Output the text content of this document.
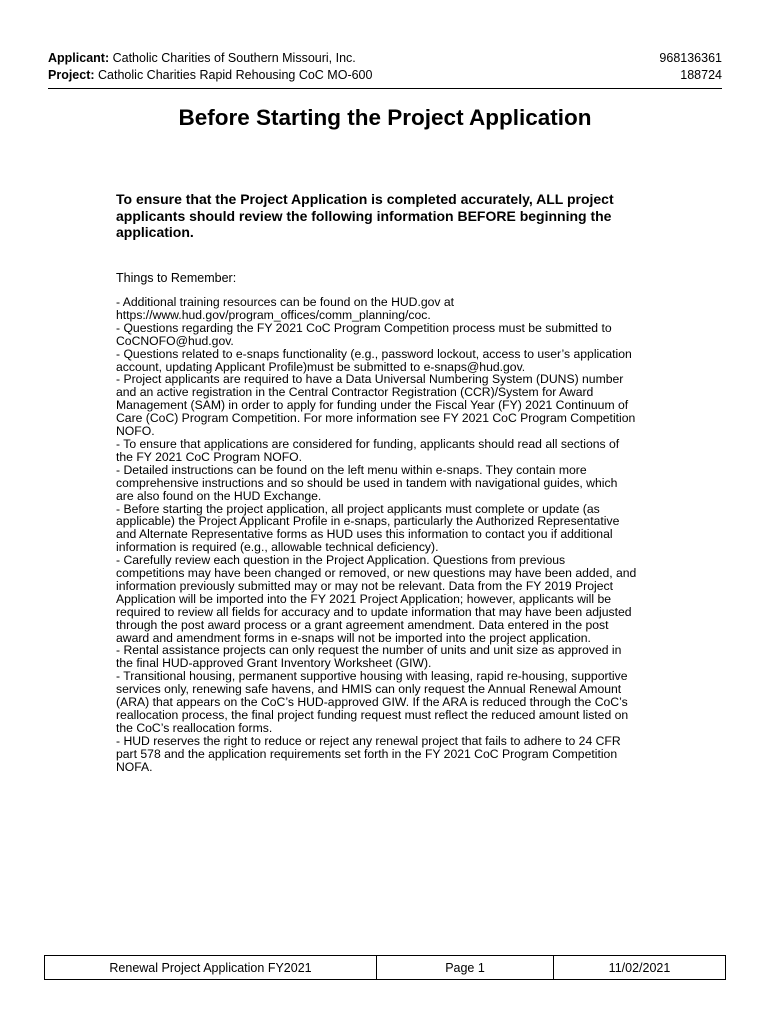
Applicant: Catholic Charities of Southern Missouri, Inc.	968136361
Project: Catholic Charities Rapid Rehousing CoC MO-600	188724
Before Starting the Project Application

To ensure that the Project Application is completed accurately, ALL project applicants should review the following information BEFORE beginning the application.

Things to Remember:

- Additional training resources can be found on the HUD.gov at
https://www.hud.gov/program_offices/comm_planning/coc.

- Questions regarding the FY 2021 CoC Program Competition process must be submitted to
CoCNOFO@hud.gov.

- Questions related to e-snaps functionality (e.g., password lockout, access to user’s application
account, updating Applicant Profile)must be submitted to e-snaps@hud.gov.

- Project applicants are required to have a Data Universal Numbering System (DUNS) number
and an active registration in the Central Contractor Registration (CCR)/System for Award
Management (SAM) in order to apply for funding under the Fiscal Year (FY) 2021 Continuum of
Care (CoC) Program Competition. For more information see FY 2021 CoC Program Competition
NOFO.

- To ensure that applications are considered for funding, applicants should read all sections of
the FY 2021 CoC Program NOFO.

- Detailed instructions can be found on the left menu within e-snaps. They contain more
comprehensive instructions and so should be used in tandem with navigational guides, which
are also found on the HUD Exchange.

- Before starting the project application, all project applicants must complete or update (as
applicable) the Project Applicant Profile in e-snaps, particularly the Authorized Representative
and Alternate Representative forms as HUD uses this information to contact you if additional
information is required (e.g., allowable technical deficiency).

- Carefully review each question in the Project Application. Questions from previous
competitions may have been changed or removed, or new questions may have been added, and
information previously submitted may or may not be relevant. Data from the FY 2019 Project
Application will be imported into the FY 2021 Project Application; however, applicants will be
required to review all fields for accuracy and to update information that may have been adjusted
through the post award process or a grant agreement amendment. Data entered in the post
award and amendment forms in e-snaps will not be imported into the project application.

- Rental assistance projects can only request the number of units and unit size as approved in
the final HUD-approved Grant Inventory Worksheet (GIW).

- Transitional housing, permanent supportive housing with leasing, rapid re-housing, supportive
services only, renewing safe havens, and HMIS can only request the Annual Renewal Amount
(ARA) that appears on the CoC’s HUD-approved GIW. If the ARA is reduced through the CoC’s
reallocation process, the final project funding request must reflect the reduced amount listed on
the CoC’s reallocation forms.

- HUD reserves the right to reduce or reject any renewal project that fails to adhere to 24 CFR
part 578 and the application requirements set forth in the FY 2021 CoC Program Competition
NOFA.

Renewal Project Application FY2021	Page 1	11/02/2021
